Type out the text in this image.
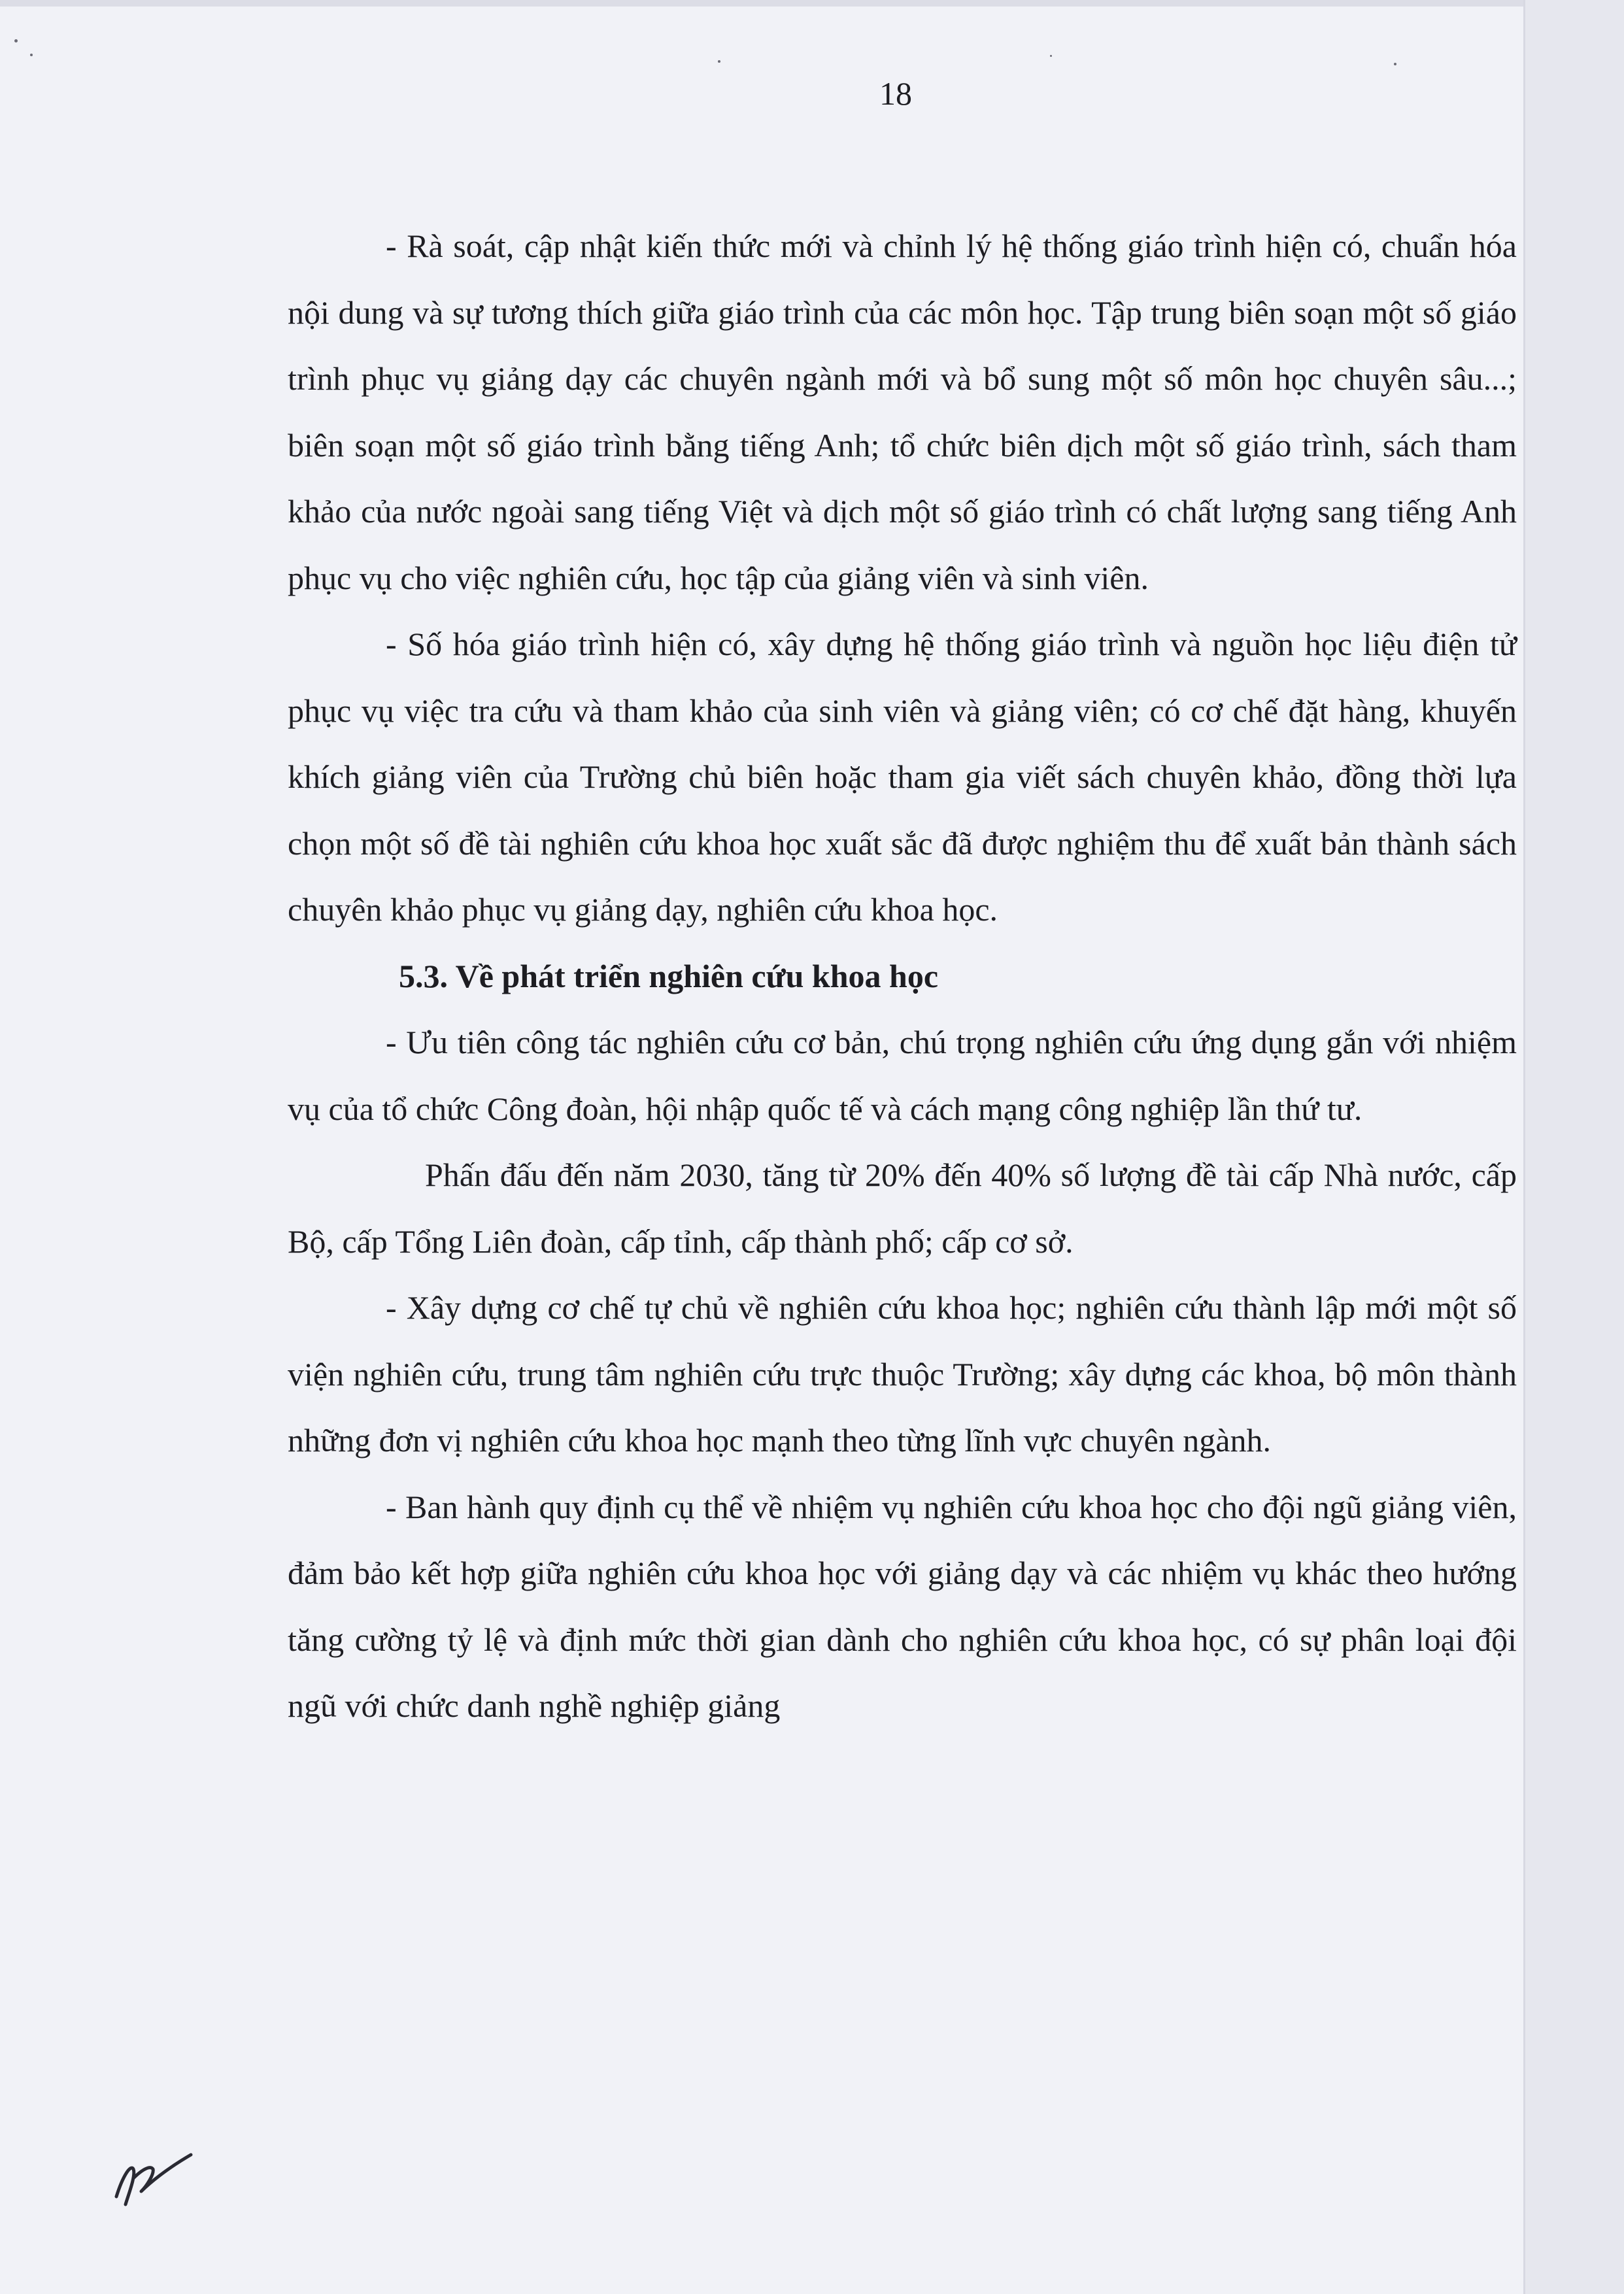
18

- Rà soát, cập nhật kiến thức mới và chỉnh lý hệ thống giáo trình hiện có, chuẩn hóa nội dung và sự tương thích giữa giáo trình của các môn học. Tập trung biên soạn một số giáo trình phục vụ giảng dạy các chuyên ngành mới và bổ sung một số môn học chuyên sâu...; biên soạn một số giáo trình bằng tiếng Anh; tổ chức biên dịch một số giáo trình, sách tham khảo của nước ngoài sang tiếng Việt và dịch một số giáo trình có chất lượng sang tiếng Anh phục vụ cho việc nghiên cứu, học tập của giảng viên và sinh viên.

- Số hóa giáo trình hiện có, xây dựng hệ thống giáo trình và nguồn học liệu điện tử phục vụ việc tra cứu và tham khảo của sinh viên và giảng viên; có cơ chế đặt hàng, khuyến khích giảng viên của Trường chủ biên hoặc tham gia viết sách chuyên khảo, đồng thời lựa chọn một số đề tài nghiên cứu khoa học xuất sắc đã được nghiệm thu để xuất bản thành sách chuyên khảo phục vụ giảng dạy, nghiên cứu khoa học.

5.3. Về phát triển nghiên cứu khoa học

- Ưu tiên công tác nghiên cứu cơ bản, chú trọng nghiên cứu ứng dụng gắn với nhiệm vụ của tổ chức Công đoàn, hội nhập quốc tế và cách mạng công nghiệp lần thứ tư.

Phấn đấu đến năm 2030, tăng từ 20% đến 40% số lượng đề tài cấp Nhà nước, cấp Bộ, cấp Tổng Liên đoàn, cấp tỉnh, cấp thành phố; cấp cơ sở.

- Xây dựng cơ chế tự chủ về nghiên cứu khoa học; nghiên cứu thành lập mới một số viện nghiên cứu, trung tâm nghiên cứu trực thuộc Trường; xây dựng các khoa, bộ môn thành những đơn vị nghiên cứu khoa học mạnh theo từng lĩnh vực chuyên ngành.

- Ban hành quy định cụ thể về nhiệm vụ nghiên cứu khoa học cho đội ngũ giảng viên, đảm bảo kết hợp giữa nghiên cứu khoa học với giảng dạy và các nhiệm vụ khác theo hướng tăng cường tỷ lệ và định mức thời gian dành cho nghiên cứu khoa học, có sự phân loại đội ngũ với chức danh nghề nghiệp giảng
